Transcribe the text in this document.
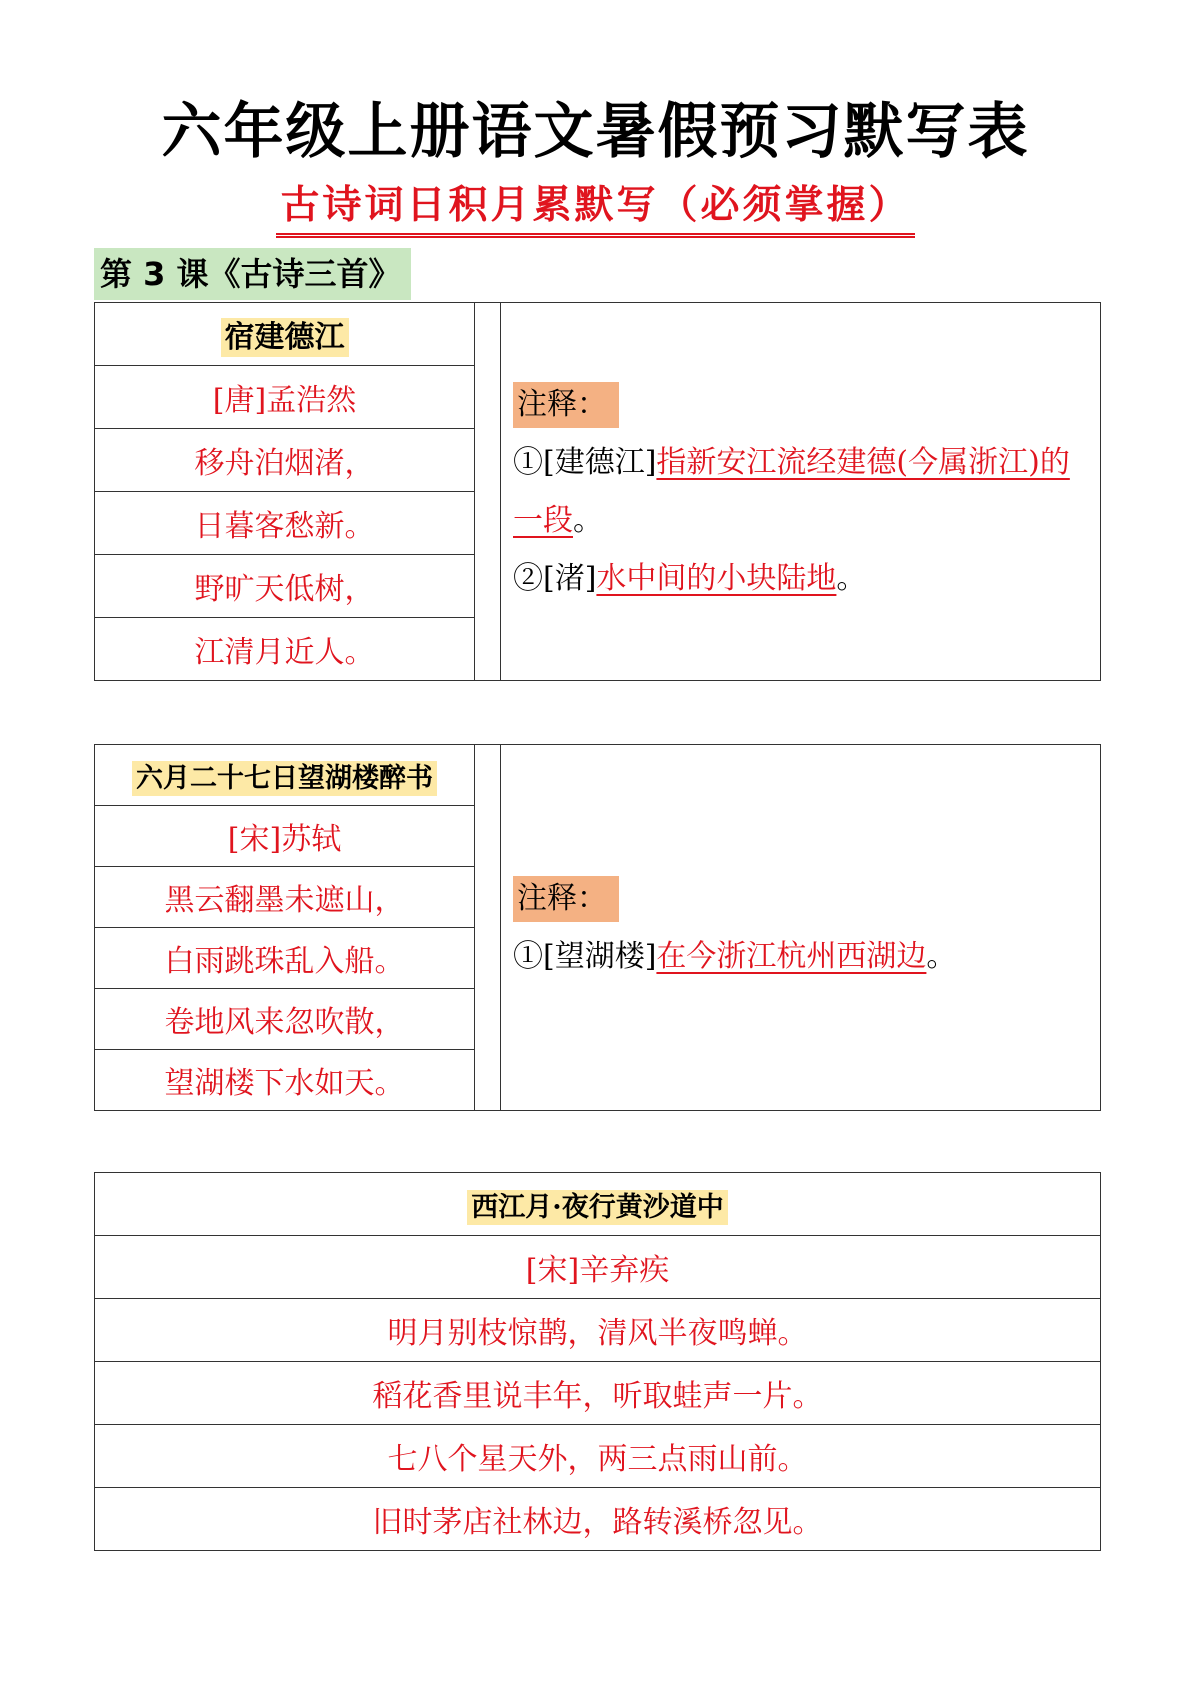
六年级上册语文暑假预习默写表
古诗词日积月累默写（必须掌握）
第 3 课《古诗三首》
宿建德江		
注释：

①[建德江]指新安江流经建德(今属浙江)的一段。

②[渚]水中间的小块陆地。

[唐]孟浩然
移舟泊烟渚，
日暮客愁新。
野旷天低树，
江清月近人。
六月二十七日望湖楼醉书		
注释：

①[望湖楼]在今浙江杭州西湖边。

[宋]苏轼
黑云翻墨未遮山，
白雨跳珠乱入船。
卷地风来忽吹散，
望湖楼下水如天。
西江月·夜行黄沙道中
[宋]辛弃疾
明月别枝惊鹊，清风半夜鸣蝉。
稻花香里说丰年，听取蛙声一片。
七八个星天外，两三点雨山前。
旧时茅店社林边，路转溪桥忽见。
